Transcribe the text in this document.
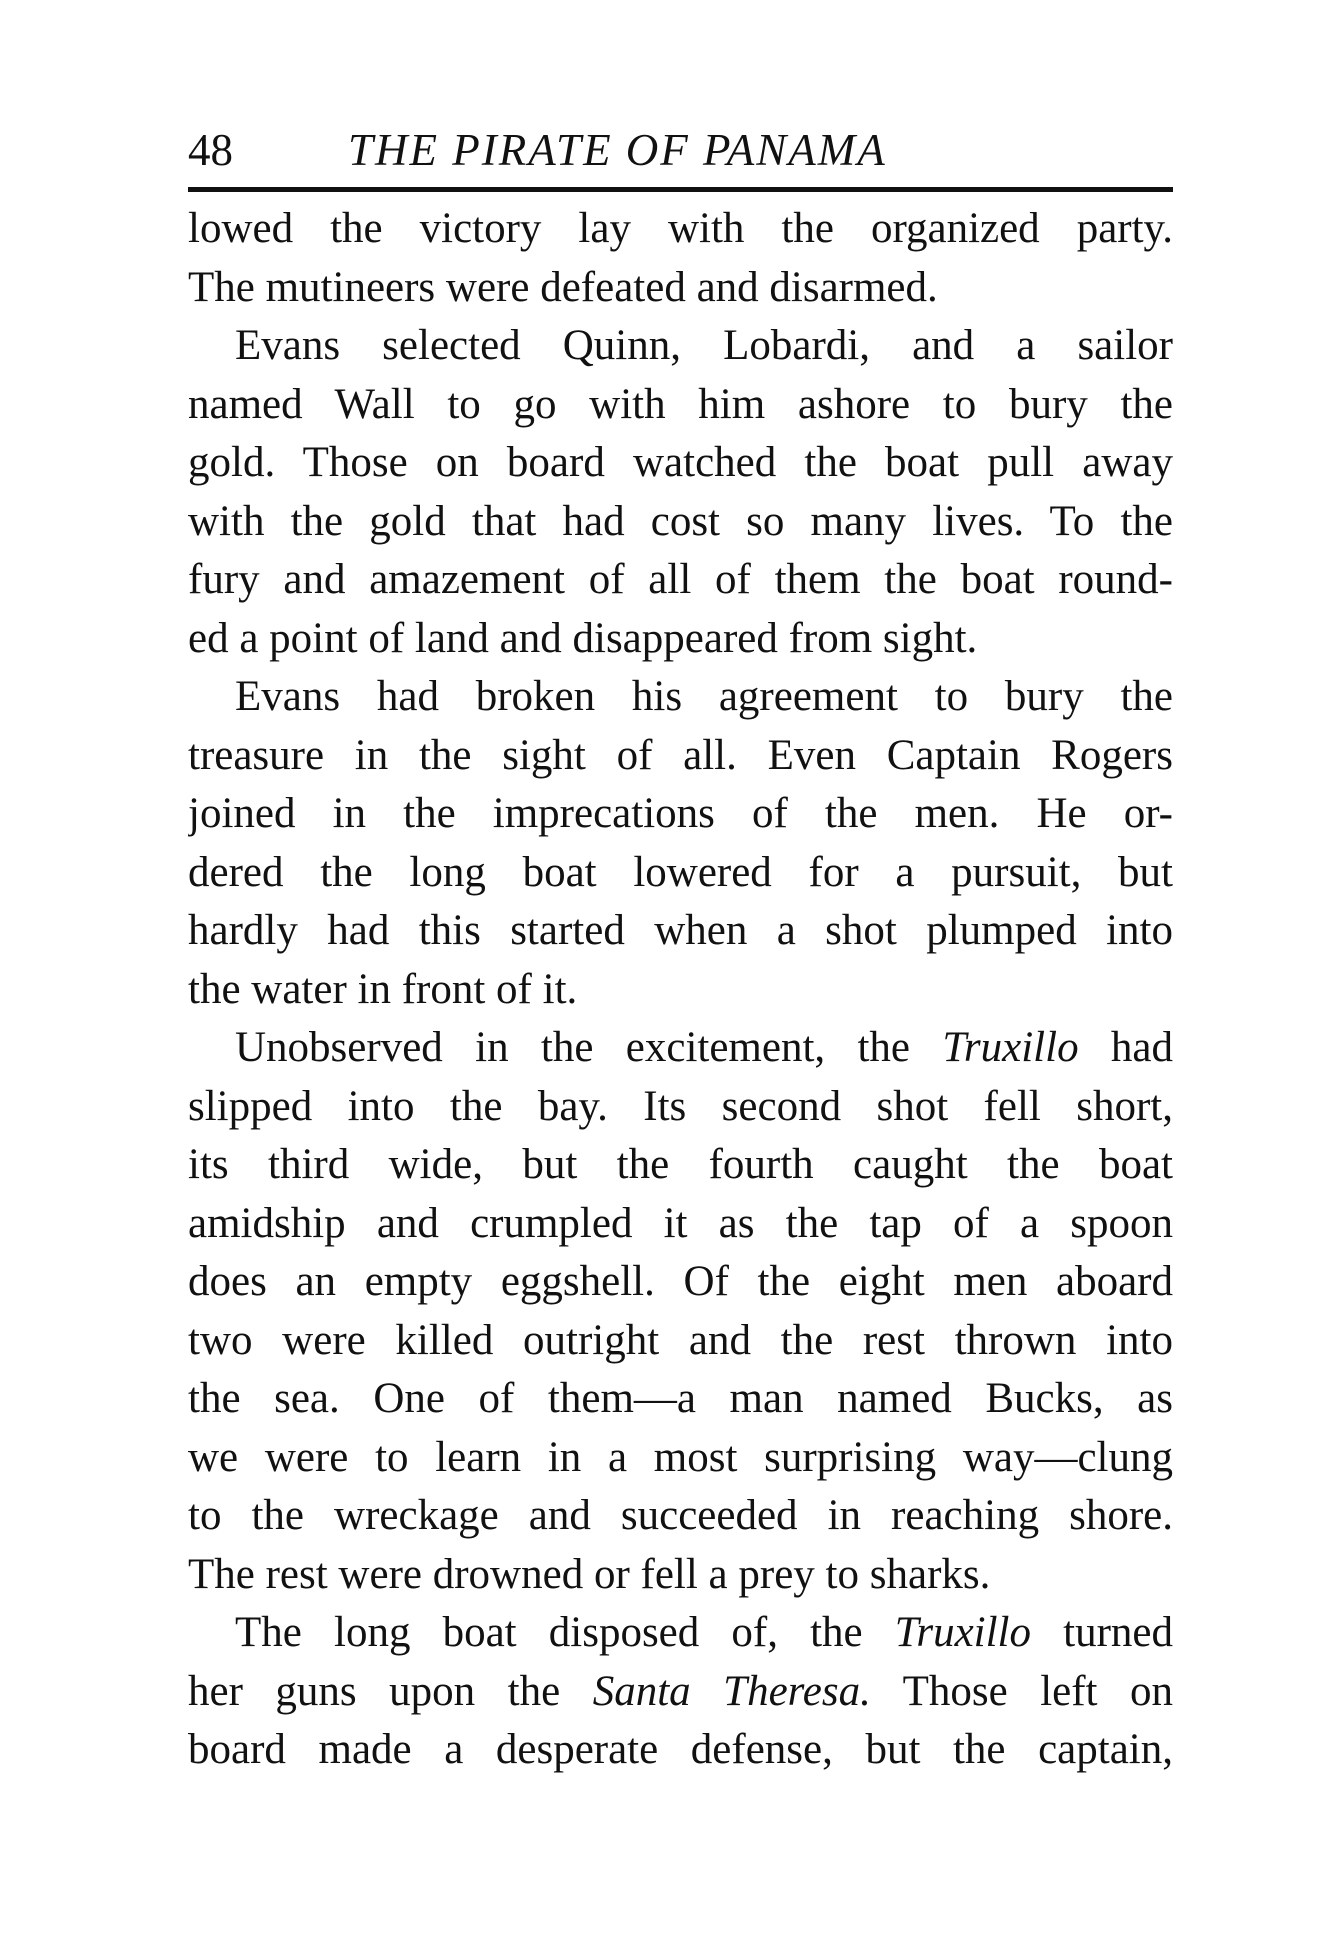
48	THE PIRATE OF PANAMA
lowed the victory lay with the organized party.
The mutineers were defeated and disarmed.
Evans selected Quinn, Lobardi, and a sailor
named Wall to go with him ashore to bury the
gold. Those on board watched the boat pull away
with the gold that had cost so many lives. To the
fury and amazement of all of them the boat round-
ed a point of land and disappeared from sight.
Evans had broken his agreement to bury the
treasure in the sight of all. Even Captain Rogers
joined in the imprecations of the men. He or-
dered the long boat lowered for a pursuit, but
hardly had this started when a shot plumped into
the water in front of it.
Unobserved in the excitement, the Truxillo had
slipped into the bay. Its second shot fell short,
its third wide, but the fourth caught the boat
amidship and crumpled it as the tap of a spoon
does an empty eggshell. Of the eight men aboard
two were killed outright and the rest thrown into
the sea. One of them—a man named Bucks, as
we were to learn in a most surprising way—clung
to the wreckage and succeeded in reaching shore.
The rest were drowned or fell a prey to sharks.
The long boat disposed of, the Truxillo turned
her guns upon the Santa Theresa. Those left on
board made a desperate defense, but the captain,
